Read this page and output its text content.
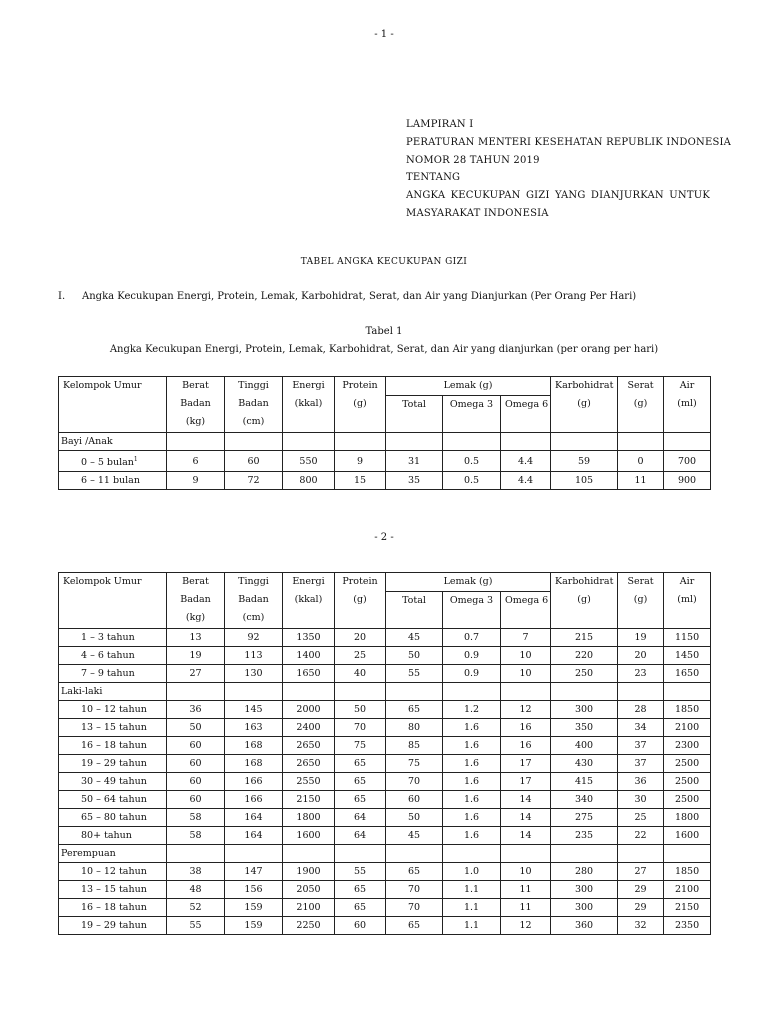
- 1 -
LAMPIRAN I
PERATURAN MENTERI KESEHATAN REPUBLIK INDONESIA
NOMOR 28 TAHUN 2019
TENTANG
ANGKA KECUKUPAN GIZI YANG DIANJURKAN UNTUK
MASYARAKAT INDONESIA
TABEL ANGKA KECUKUPAN GIZI
I. Angka Kecukupan Energi, Protein, Lemak, Karbohidrat, Serat, dan Air yang Dianjurkan (Per Orang Per Hari)
Tabel 1
Angka Kecukupan Energi, Protein, Lemak, Karbohidrat, Serat, dan Air yang dianjurkan (per orang per hari)
Kelompok Umur	Berat
Badan
(kg)	Tinggi
Badan
(cm)	Energi
(kkal)	Protein
(g)	Lemak (g)			Karbohidrat
(g)	Serat
(g)	Air
(ml)
					Total	Omega 3	Omega 6			
Bayi /Anak										
0 – 5 bulan$^1$	6	60	550	9	31	0.5	4.4	59	0	700
6 – 11 bulan	9	72	800	15	35	0.5	4.4	105	11	900
- 2 -
Kelompok Umur	Berat
Badan
(kg)	Tinggi
Badan
(cm)	Energi
(kkal)	Protein
(g)	Lemak (g)			Karbohidrat
(g)	Serat
(g)	Air
(ml)
					Total	Omega 3	Omega 6			
1 – 3 tahun	13	92	1350	20	45	0.7	7	215	19	1150
4 – 6 tahun	19	113	1400	25	50	0.9	10	220	20	1450
7 – 9 tahun	27	130	1650	40	55	0.9	10	250	23	1650
Laki-laki										
10 – 12 tahun	36	145	2000	50	65	1.2	12	300	28	1850
13 – 15 tahun	50	163	2400	70	80	1.6	16	350	34	2100
16 – 18 tahun	60	168	2650	75	85	1.6	16	400	37	2300
19 – 29 tahun	60	168	2650	65	75	1.6	17	430	37	2500
30 – 49 tahun	60	166	2550	65	70	1.6	17	415	36	2500
50 – 64 tahun	60	166	2150	65	60	1.6	14	340	30	2500
65 – 80 tahun	58	164	1800	64	50	1.6	14	275	25	1800
80+ tahun	58	164	1600	64	45	1.6	14	235	22	1600
Perempuan										
10 – 12 tahun	38	147	1900	55	65	1.0	10	280	27	1850
13 – 15 tahun	48	156	2050	65	70	1.1	11	300	29	2100
16 – 18 tahun	52	159	2100	65	70	1.1	11	300	29	2150
19 – 29 tahun	55	159	2250	60	65	1.1	12	360	32	2350
